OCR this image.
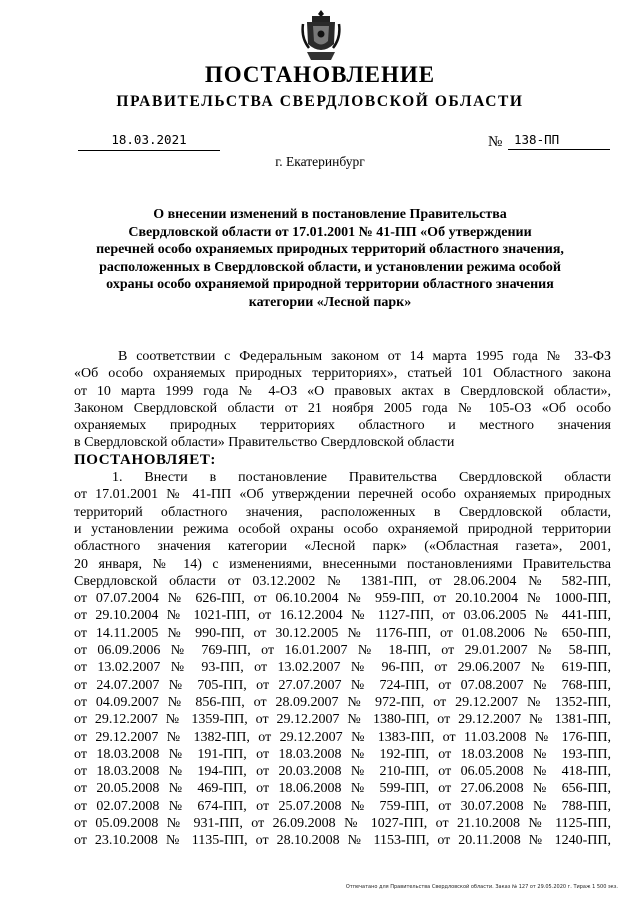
ПОСТАНОВЛЕНИЕ
ПРАВИТЕЛЬСТВА СВЕРДЛОВСКОЙ ОБЛАСТИ
18.03.2021	№ 138-ПП
г. Екатеринбург
О внесении изменений в постановление Правительства
Свердловской области от 17.01.2001 № 41-ПП «Об утверждении
перечней особо охраняемых природных территорий областного значения,
расположенных в Свердловской области, и установлении режима особой
охраны особо охраняемой природной территории областного значения
категории «Лесной парк»
В соответствии с Федеральным законом от 14 марта 1995 года № 33-ФЗ
«Об особо охраняемых природных территориях», статьей 101 Областного закона
от 10 марта 1999 года № 4-ОЗ «О правовых актах в Свердловской области»,
Законом Свердловской области от 21 ноября 2005 года № 105-ОЗ «Об особо
охраняемых природных территориях областного и местного значения
в Свердловской области» Правительство Свердловской области
ПОСТАНОВЛЯЕТ:
1. Внести в постановление Правительства Свердловской области
от 17.01.2001 № 41-ПП «Об утверждении перечней особо охраняемых природных
территорий областного значения, расположенных в Свердловской области,
и установлении режима особой охраны особо охраняемой природной территории
областного значения категории «Лесной парк» («Областная газета», 2001,
20 января, № 14) с изменениями, внесенными постановлениями Правительства
Свердловской области от 03.12.2002 № 1381-ПП, от 28.06.2004 № 582-ПП,
от 07.07.2004 № 626-ПП, от 06.10.2004 № 959-ПП, от 20.10.2004 № 1000-ПП,
от 29.10.2004 № 1021-ПП, от 16.12.2004 № 1127-ПП, от 03.06.2005 № 441-ПП,
от 14.11.2005 № 990-ПП, от 30.12.2005 № 1176-ПП, от 01.08.2006 № 650-ПП,
от 06.09.2006 № 769-ПП, от 16.01.2007 № 18-ПП, от 29.01.2007 № 58-ПП,
от 13.02.2007 № 93-ПП, от 13.02.2007 № 96-ПП, от 29.06.2007 № 619-ПП,
от 24.07.2007 № 705-ПП, от 27.07.2007 № 724-ПП, от 07.08.2007 № 768-ПП,
от 04.09.2007 № 856-ПП, от 28.09.2007 № 972-ПП, от 29.12.2007 № 1352-ПП,
от 29.12.2007 № 1359-ПП, от 29.12.2007 № 1380-ПП, от 29.12.2007 № 1381-ПП,
от 29.12.2007 № 1382-ПП, от 29.12.2007 № 1383-ПП, от 11.03.2008 № 176-ПП,
от 18.03.2008 № 191-ПП, от 18.03.2008 № 192-ПП, от 18.03.2008 № 193-ПП,
от 18.03.2008 № 194-ПП, от 20.03.2008 № 210-ПП, от 06.05.2008 № 418-ПП,
от 20.05.2008 № 469-ПП, от 18.06.2008 № 599-ПП, от 27.06.2008 № 656-ПП,
от 02.07.2008 № 674-ПП, от 25.07.2008 № 759-ПП, от 30.07.2008 № 788-ПП,
от 05.09.2008 № 931-ПП, от 26.09.2008 № 1027-ПП, от 21.10.2008 № 1125-ПП,
от 23.10.2008 № 1135-ПП, от 28.10.2008 № 1153-ПП, от 20.11.2008 № 1240-ПП,
Отпечатано для Правительства Свердловской области. Заказ № 127 от 29.05.2020 г. Тираж 1 500 экз.
